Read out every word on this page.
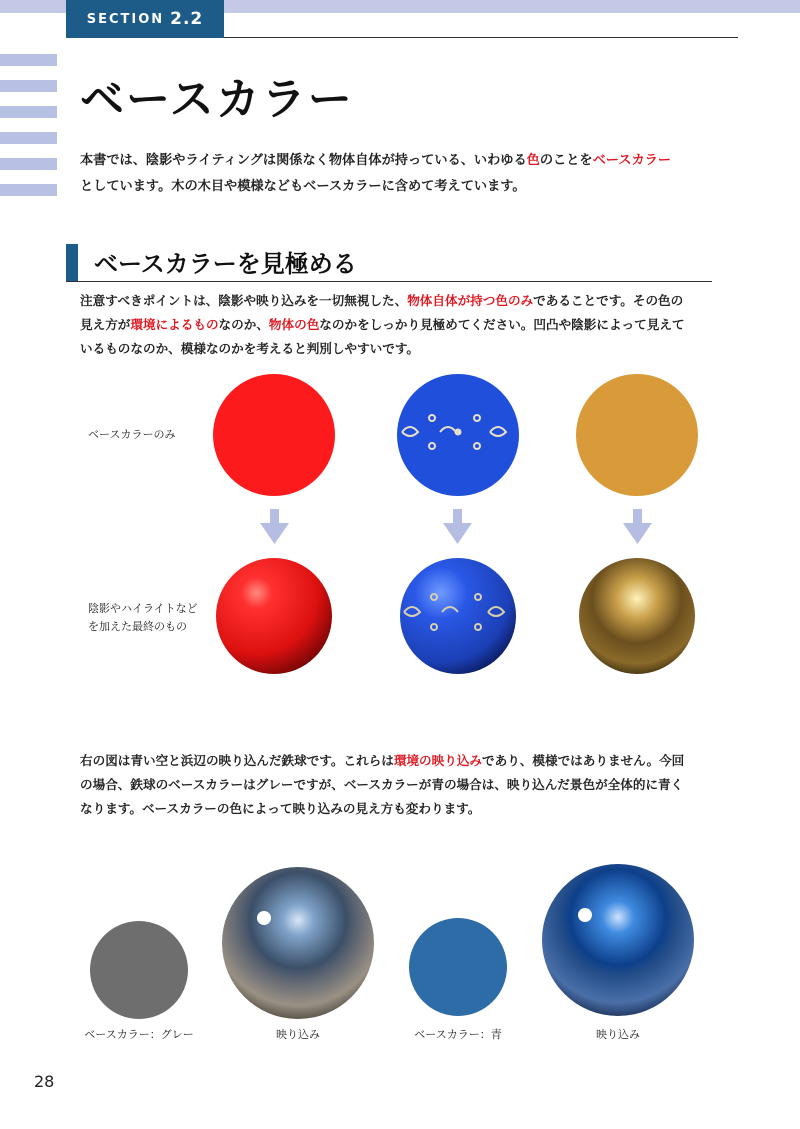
SECTION 2.2
ベースカラー

本書では、陰影やライティングは関係なく物体自体が持っている、いわゆる色のことをベースカラー

としています。木の木目や模様などもベースカラーに含めて考えています。

ベースカラーを見極める

注意すべきポイントは、陰影や映り込みを一切無視した、物体自体が持つ色のみであることです。その色の

見え方が環境によるものなのか、物体の色なのかをしっかり見極めてください。凹凸や陰影によって見えて

いるものなのか、模様なのかを考えると判別しやすいです。

ベースカラーのみ
陰影やハイライトなど
を加えた最終のもの

右の図は青い空と浜辺の映り込んだ鉄球です。これらは環境の映り込みであり、模様ではありません。今回

の場合、鉄球のベースカラーはグレーですが、ベースカラーが青の場合は、映り込んだ景色が全体的に青く

なります。ベースカラーの色によって映り込みの見え方も変わります。

ベースカラー：グレー	映り込み	ベースカラー：青	映り込み
28
